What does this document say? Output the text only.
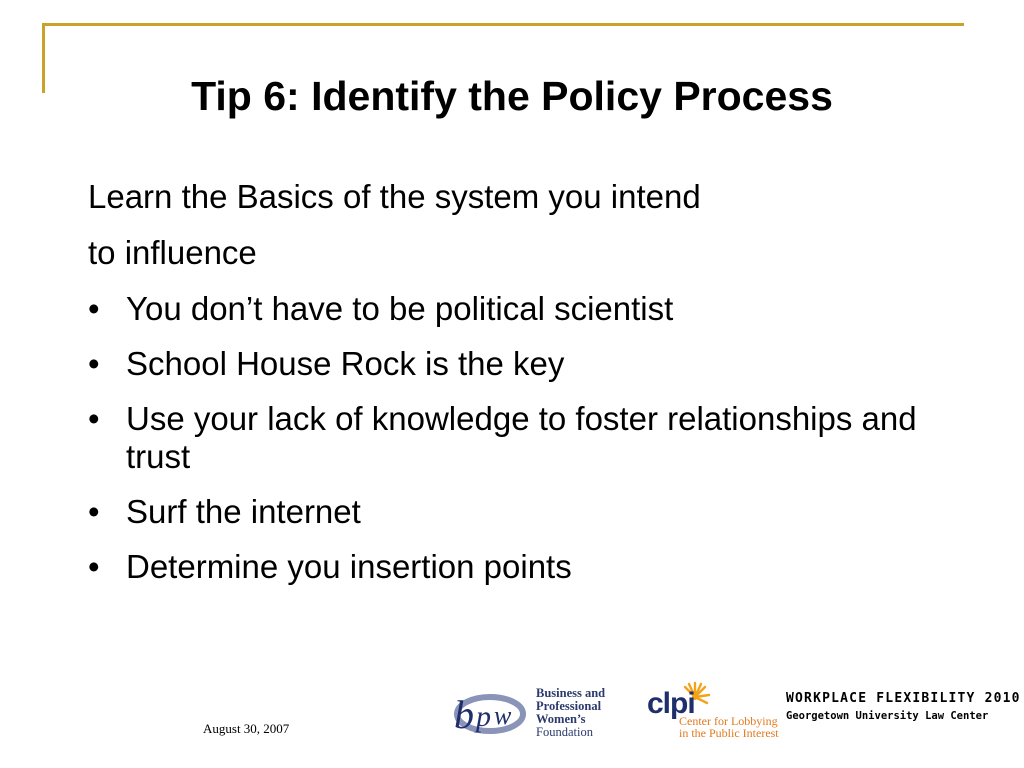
Tip 6: Identify the Policy Process
Learn the Basics of the system you intend
to influence
• You don’t have to be political scientist
• School House Rock is the key
• Use your lack of knowledge to foster relationships and trust
• Surf the internet
• Determine you insertion points
August 30, 2007	b p w
Business and
Professional
Women’s
Foundation
clpi
Center for Lobbying
in the Public Interest
WORKPLACE FLEXIBILITY 2010
Georgetown University Law Center
